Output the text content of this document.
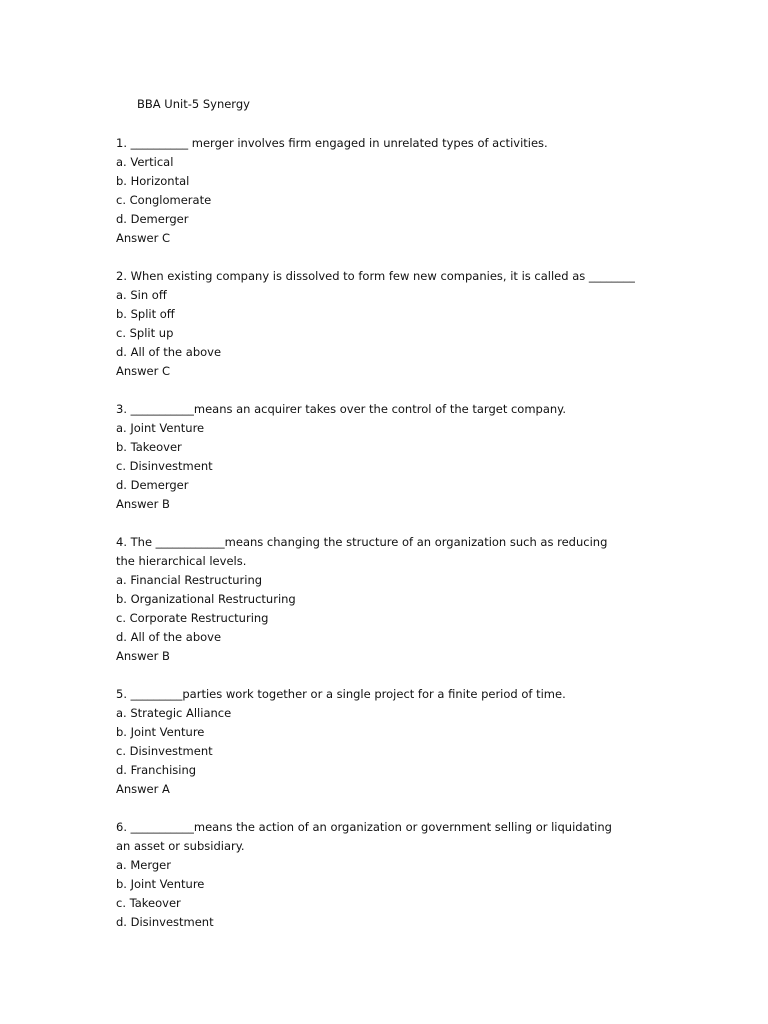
BBA Unit-5 Synergy
1. __________ merger involves firm engaged in unrelated types of activities.
a. Vertical
b. Horizontal
c. Conglomerate
d. Demerger
Answer C
2. When existing company is dissolved to form few new companies, it is called as ________
a. Sin off
b. Split off
c. Split up
d. All of the above
Answer C
3. ___________means an acquirer takes over the control of the target company.
a. Joint Venture
b. Takeover
c. Disinvestment
d. Demerger
Answer B
4. The ____________means changing the structure of an organization such as reducing the hierarchical levels.
a. Financial Restructuring
b. Organizational Restructuring
c. Corporate Restructuring
d. All of the above
Answer B
5. _________parties work together or a single project for a finite period of time.
a. Strategic Alliance
b. Joint Venture
c. Disinvestment
d. Franchising
Answer A
6. ___________means the action of an organization or government selling or liquidating an asset or subsidiary.
a. Merger
b. Joint Venture
c. Takeover
d. Disinvestment
